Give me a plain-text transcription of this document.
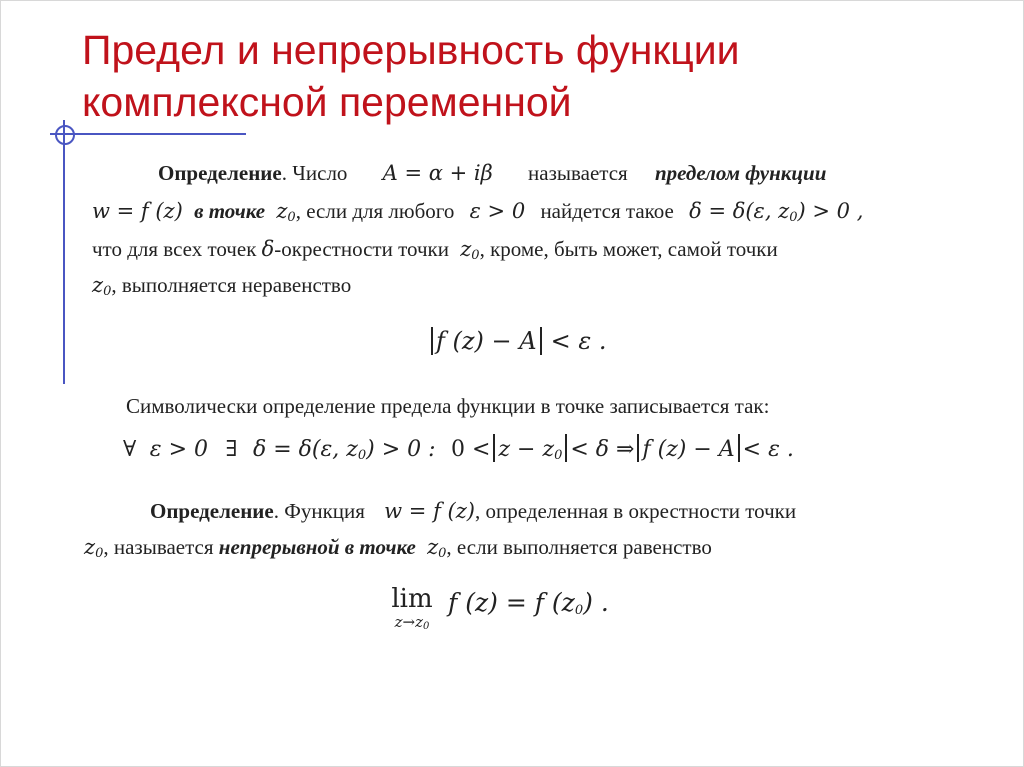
Предел и непрерывность функции
комплексной переменной
Определение. Число A = α + iβ называется пределом функции
w = f (z) в точке $z_0$, если для любого ε > 0 найдется такое δ = δ(ε, $z_0) > 0$ ,
что для всех точек δ-окрестности точки $z_0$, кроме, быть может, самой точки
$z_0$, выполняется неравенство
f (z) − A < ε .
Символически определение предела функции в точке записывается так:
∀ ε > 0 ∃ δ = δ(ε, $z_0) > 0$ : $0 < z - z_0 < \delta$ ⇒ f (z) − A < ε .
Определение. Функция w = f (z), определенная в окрестности точки
$z_0$, называется непрерывной в точке $z_0$, если выполняется равенство
lim
$z\to z_0$
f (z) = f $(z_0)$ .
